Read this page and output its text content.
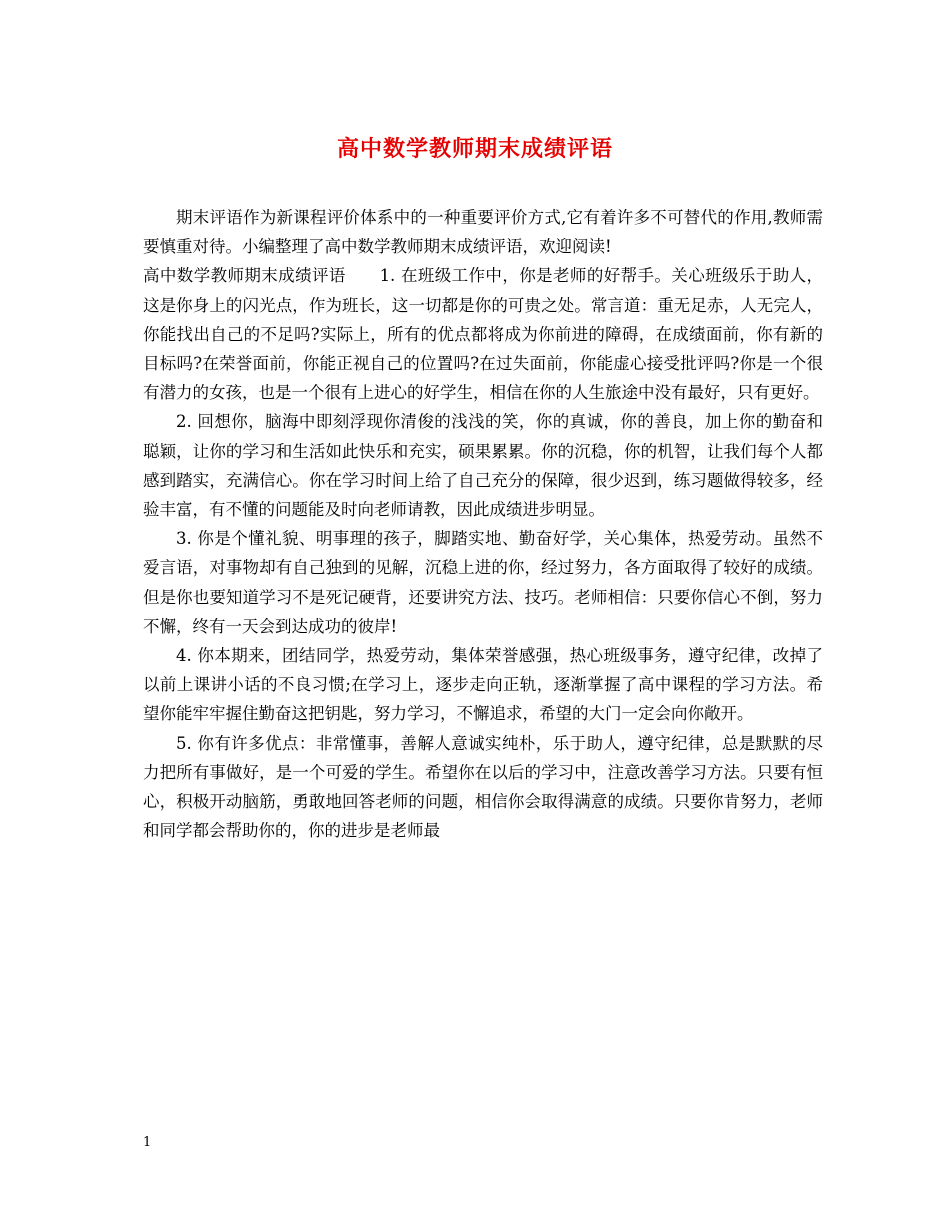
高中数学教师期末成绩评语

期末评语作为新课程评价体系中的一种重要评价方式,它有着许多不可替代的作用,教师需要慎重对待。小编整理了高中数学教师期末成绩评语，欢迎阅读!

高中数学教师期末成绩评语　　1. 在班级工作中，你是老师的好帮手。关心班级乐于助人，这是你身上的闪光点，作为班长，这一切都是你的可贵之处。常言道：重无足赤，人无完人，你能找出自己的不足吗?实际上，所有的优点都将成为你前进的障碍，在成绩面前，你有新的目标吗?在荣誉面前，你能正视自己的位置吗?在过失面前，你能虚心接受批评吗?你是一个很有潜力的女孩，也是一个很有上进心的好学生，相信在你的人生旅途中没有最好，只有更好。

2. 回想你，脑海中即刻浮现你清俊的浅浅的笑，你的真诚，你的善良，加上你的勤奋和聪颖，让你的学习和生活如此快乐和充实，硕果累累。你的沉稳，你的机智，让我们每个人都感到踏实，充满信心。你在学习时间上给了自己充分的保障，很少迟到，练习题做得较多，经验丰富，有不懂的问题能及时向老师请教，因此成绩进步明显。

3. 你是个懂礼貌、明事理的孩子，脚踏实地、勤奋好学，关心集体，热爱劳动。虽然不爱言语，对事物却有自己独到的见解，沉稳上进的你，经过努力，各方面取得了较好的成绩。但是你也要知道学习不是死记硬背，还要讲究方法、技巧。老师相信：只要你信心不倒，努力不懈，终有一天会到达成功的彼岸!

4. 你本期来，团结同学，热爱劳动，集体荣誉感强，热心班级事务，遵守纪律，改掉了以前上课讲小话的不良习惯;在学习上，逐步走向正轨，逐渐掌握了高中课程的学习方法。希望你能牢牢握住勤奋这把钥匙，努力学习，不懈追求，希望的大门一定会向你敞开。

5. 你有许多优点：非常懂事，善解人意诚实纯朴，乐于助人，遵守纪律，总是默默的尽力把所有事做好，是一个可爱的学生。希望你在以后的学习中，注意改善学习方法。只要有恒心，积极开动脑筋，勇敢地回答老师的问题，相信你会取得满意的成绩。只要你肯努力，老师和同学都会帮助你的，你的进步是老师最

1
